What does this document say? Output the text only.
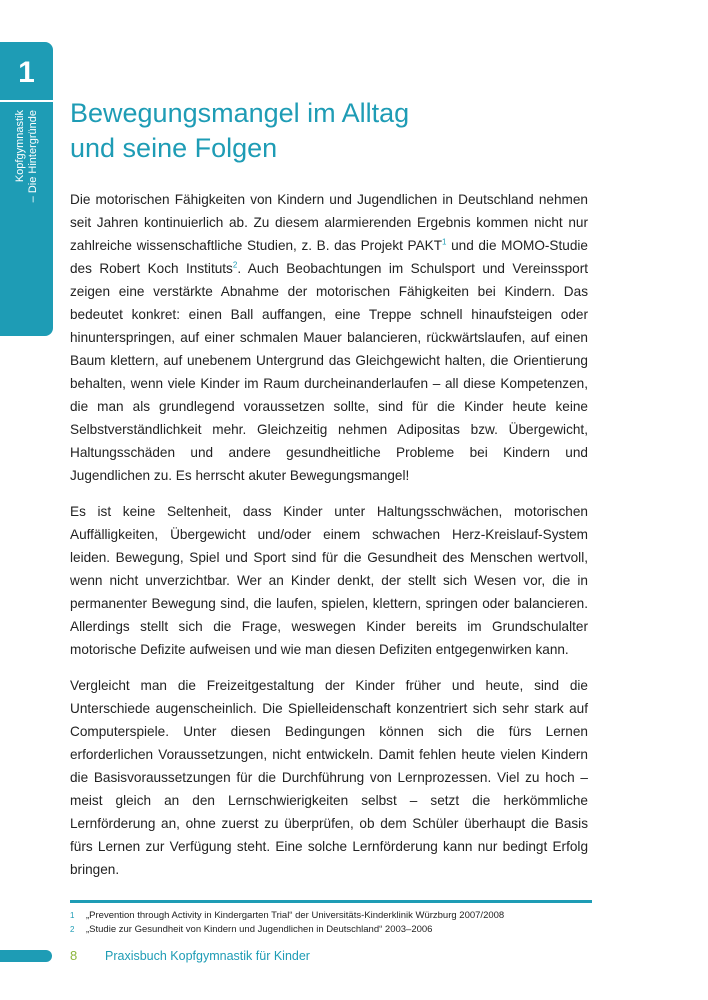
1
Kopfgymnastik – Die Hintergründe Bewegungsmangel im Alltag
und seine Folgen

Die motorischen Fähigkeiten von Kindern und Jugendlichen in Deutschland nehmen seit Jahren kontinuierlich ab. Zu diesem alarmierenden Ergebnis kommen nicht nur zahlreiche wissenschaftliche Studien, z. B. das Projekt PAKT$^1$ und die MOMO-Studie des Robert Koch Instituts$^2$. Auch Beobachtungen im Schulsport und Vereinssport zeigen eine verstärkte Abnahme der motorischen Fähigkeiten bei Kindern. Das bedeutet konkret: einen Ball auffangen, eine Treppe schnell hinaufsteigen oder hinunterspringen, auf einer schmalen Mauer balancieren, rückwärtslaufen, auf einen Baum klettern, auf unebenem Untergrund das Gleichgewicht halten, die Orientierung behalten, wenn viele Kinder im Raum durcheinanderlaufen – all diese Kompetenzen, die man als grundlegend voraussetzen sollte, sind für die Kinder heute keine Selbstverständlichkeit mehr. Gleichzeitig nehmen Adipositas bzw. Übergewicht, Haltungsschäden und andere gesundheitliche Probleme bei Kindern und Jugendlichen zu. Es herrscht akuter Bewegungsmangel!

Es ist keine Seltenheit, dass Kinder unter Haltungsschwächen, motorischen Auffälligkeiten, Übergewicht und/oder einem schwachen Herz-Kreislauf-System leiden. Bewegung, Spiel und Sport sind für die Gesundheit des Menschen wertvoll, wenn nicht unverzichtbar. Wer an Kinder denkt, der stellt sich Wesen vor, die in permanenter Bewegung sind, die laufen, spielen, klettern, springen oder balancieren. Allerdings stellt sich die Frage, weswegen Kinder bereits im Grundschulalter motorische Defizite aufweisen und wie man diesen Defiziten entgegenwirken kann.

Vergleicht man die Freizeitgestaltung der Kinder früher und heute, sind die Unterschiede augenscheinlich. Die Spielleidenschaft konzentriert sich sehr stark auf Computerspiele. Unter diesen Bedingungen können sich die fürs Lernen erforderlichen Voraussetzungen, nicht entwickeln. Damit fehlen heute vielen Kindern die Basisvoraussetzungen für die Durchführung von Lernprozessen. Viel zu hoch – meist gleich an den Lernschwierigkeiten selbst – setzt die herkömmliche Lernförderung an, ohne zuerst zu überprüfen, ob dem Schüler überhaupt die Basis fürs Lernen zur Verfügung steht. Eine solche Lernförderung kann nur bedingt Erfolg bringen.

1	„Prevention through Activity in Kindergarten Trial“ der Universitäts-Kinderklinik Würzburg 2007/2008
2	„Studie zur Gesundheit von Kindern und Jugendlichen in Deutschland“ 2003–2006
8 Praxisbuch Kopfgymnastik für Kinder
